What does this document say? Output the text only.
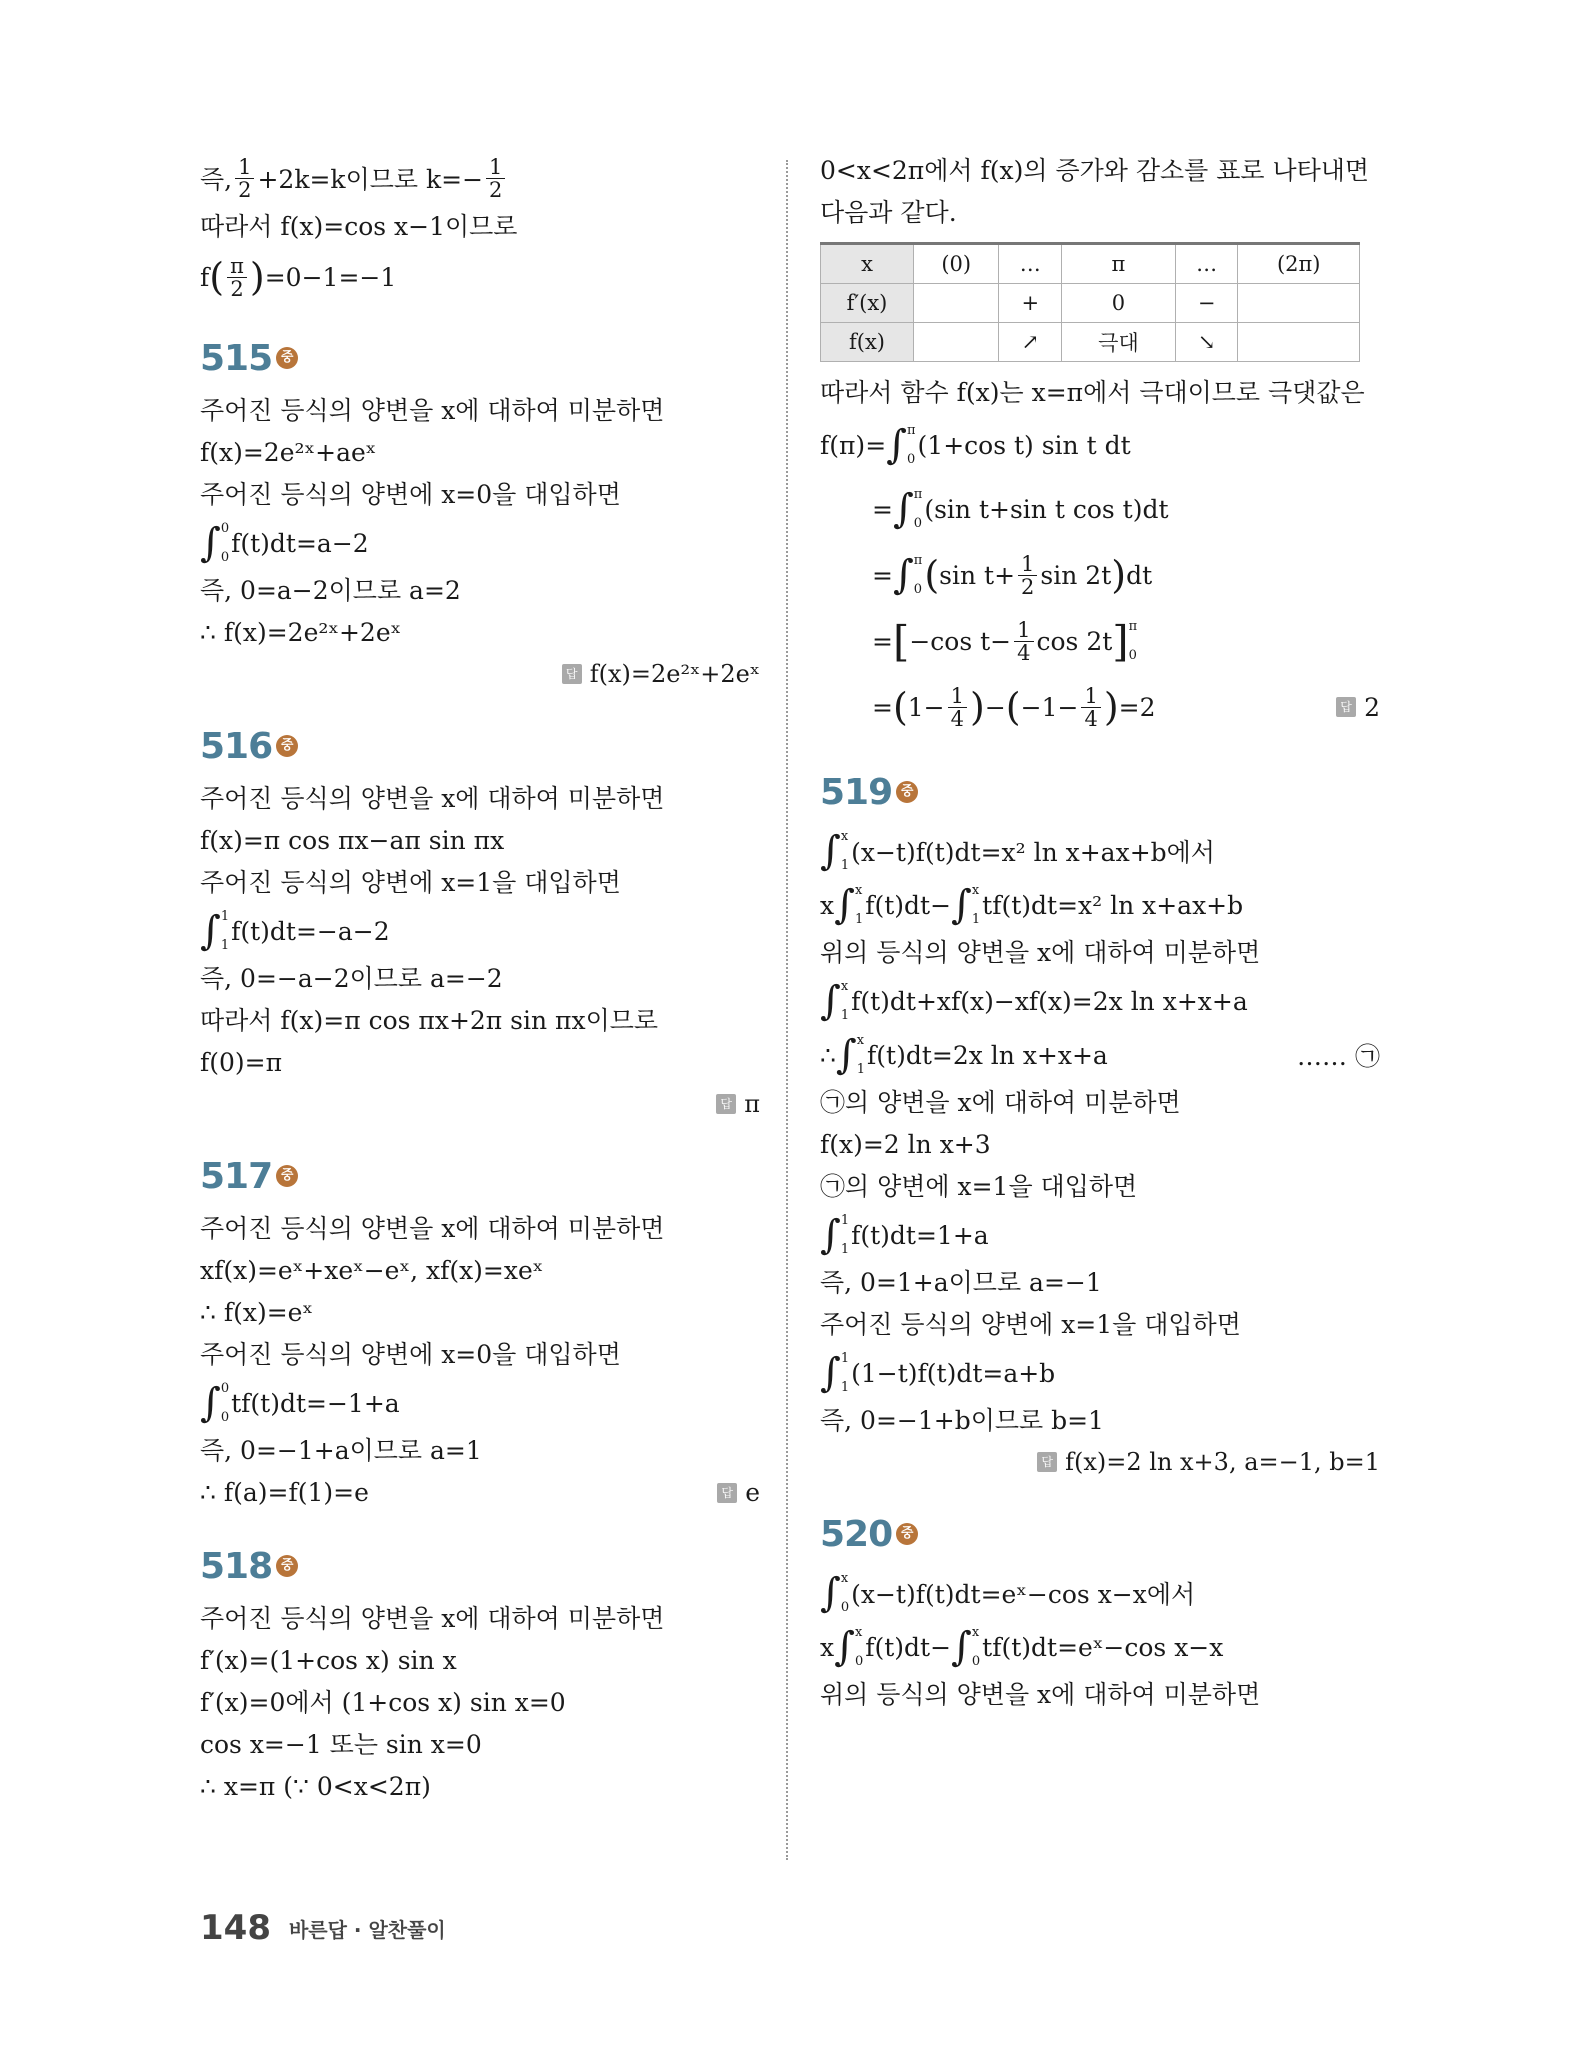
즉, $\frac{1}{2} +2k=k$이므로 $k=- \frac{1}{2}$
따라서 f(x)=cos x−1이므로
f ( $\frac{\pi}{2}$ ) =0−1=−1
515 중
주어진 등식의 양변을 x에 대하여 미분하면
f(x)=2e²ˣ+aeˣ
주어진 등식의 양변에 x=0을 대입하면
∫ 0
0 f(t)dt=a−2
즉, 0=a−2이므로 a=2
∴ f(x)=2e²ˣ+2eˣ
답 f(x)=2e²ˣ+2eˣ
516 중
주어진 등식의 양변을 x에 대하여 미분하면
f(x)=π cos πx−aπ sin πx
주어진 등식의 양변에 x=1을 대입하면
∫ 1
1 f(t)dt=−a−2
즉, 0=−a−2이므로 a=−2
따라서 f(x)=π cos πx+2π sin πx이므로
f(0)=π
답 π
517 중
주어진 등식의 양변을 x에 대하여 미분하면
xf(x)=eˣ+xeˣ−eˣ, xf(x)=xeˣ
∴ f(x)=eˣ
주어진 등식의 양변에 x=0을 대입하면
∫ 0
0 tf(t)dt=−1+a
즉, 0=−1+a이므로 a=1
∴ f(a)=f(1)=e	답 e
518 중
주어진 등식의 양변을 x에 대하여 미분하면
f′(x)=(1+cos x) sin x
f′(x)=0에서 (1+cos x) sin x=0
cos x=−1 또는 sin x=0
∴ x=π (∵ 0<x<2π)
0<x<2π에서 f(x)의 증가와 감소를 표로 나타내면
다음과 같다.
x	(0)	…	π	…	(2π)
f′(x)		+	0	−	
f(x)		↗	극대	↘	
따라서 함수 f(x)는 x=π에서 극대이므로 극댓값은
f(π)= ∫ π
0 (1+cos t) sin t dt
= ∫ π
0 (sin t+sin t cos t)dt
= ∫ π
0 ( $\sin t+ \frac{1}{2}$ sin 2t ) dt
= [ −cos $t- \frac{1}{4}$ cos 2t ] π
0
= ( $1- \frac{1}{4}$ ) − ( $-1- \frac{1}{4}$ ) =2	답 2
519 중
∫ x
1 (x−t)f(t)dt=x² ln x+ax+b에서
x ∫ x
1 f(t)dt− ∫ x
1 tf(t)dt=x² ln x+ax+b
위의 등식의 양변을 x에 대하여 미분하면
∫ x
1 f(t)dt+xf(x)−xf(x)=2x ln x+x+a
∴ ∫ x
1 f(t)dt=2x ln x+x+a	…… ㉠
㉠의 양변을 x에 대하여 미분하면
f(x)=2 ln x+3
㉠의 양변에 x=1을 대입하면
∫ 1
1 f(t)dt=1+a
즉, 0=1+a이므로 a=−1
주어진 등식의 양변에 x=1을 대입하면
∫ 1
1 (1−t)f(t)dt=a+b
즉, 0=−1+b이므로 b=1
답 f(x)=2 ln x+3, a=−1, b=1
520 중
∫ x
0 (x−t)f(t)dt=eˣ−cos x−x에서
x ∫ x
0 f(t)dt− ∫ x
0 tf(t)dt=eˣ−cos x−x
위의 등식의 양변을 x에 대하여 미분하면
148 바른답 · 알찬풀이
